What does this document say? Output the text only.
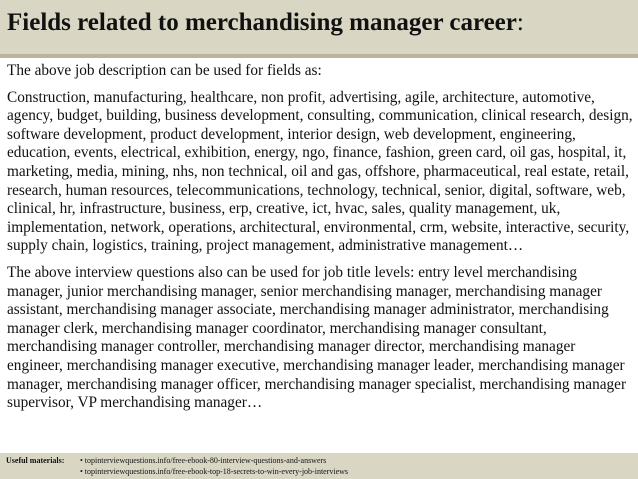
Fields related to merchandising manager career:

The above job description can be used for fields as:

Construction, manufacturing, healthcare, non profit, advertising, agile, architecture, automotive, agency, budget, building, business development, consulting, communication, clinical research, design, software development, product development, interior design, web development, engineering, education, events, electrical, exhibition, energy, ngo, finance, fashion, green card, oil gas, hospital, it, marketing, media, mining, nhs, non technical, oil and gas, offshore, pharmaceutical, real estate, retail, research, human resources, telecommunications, technology, technical, senior, digital, software, web, clinical, hr, infrastructure, business, erp, creative, ict, hvac, sales, quality management, uk, implementation, network, operations, architectural, environmental, crm, website, interactive, security, supply chain, logistics, training, project management, administrative management…

The above interview questions also can be used for job title levels: entry level merchandising manager, junior merchandising manager, senior merchandising manager, merchandising manager assistant, merchandising manager associate, merchandising manager administrator, merchandising manager clerk, merchandising manager coordinator, merchandising manager consultant, merchandising manager controller, merchandising manager director, merchandising manager engineer, merchandising manager executive, merchandising manager leader, merchandising manager manager, merchandising manager officer, merchandising manager specialist, merchandising manager supervisor, VP merchandising manager…

Useful materials: • topinterviewquestions.info/free-ebook-80-interview-questions-and-answers
• topinterviewquestions.info/free-ebook-top-18-secrets-to-win-every-job-interviews
